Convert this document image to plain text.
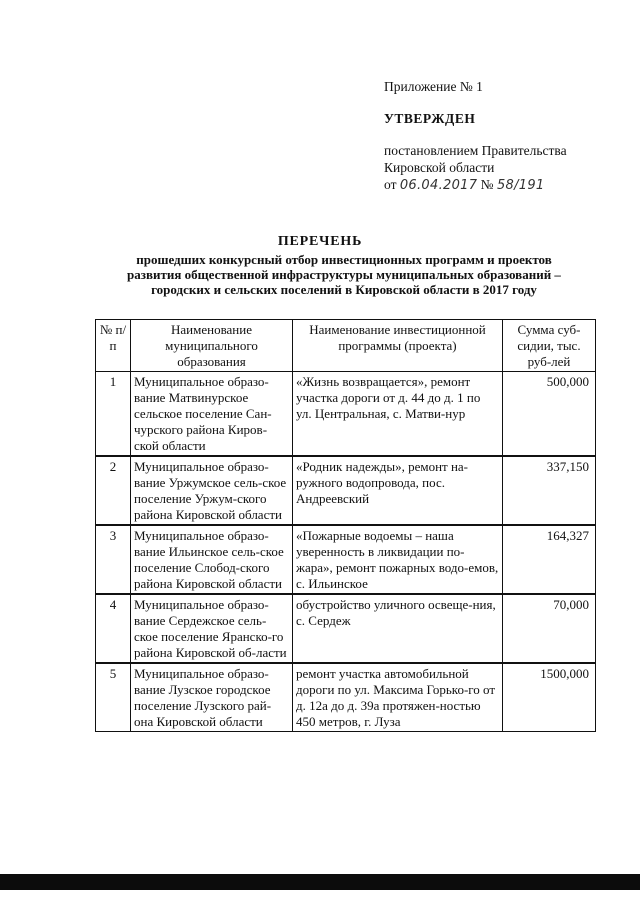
Приложение № 1

УТВЕРЖДЕН

постановлением Правительства

Кировской области

от 06.04.2017 № 58/191

ПЕРЕЧЕНЬ
прошедших конкурсный отбор инвестиционных программ и проектов
развития общественной инфраструктуры муниципальных образований –
городских и сельских поселений в Кировской области в 2017 году
№ п/п	Наименование муниципального образования	Наименование инвестиционной программы (проекта)	Сумма суб-сидии, тыс. руб-лей
1	Муниципальное образо-вание Матвинурское сельское поселение Сан-чурского района Киров-ской области	«Жизнь возвращается», ремонт участка дороги от д. 44 до д. 1 по ул. Центральная, с. Матви-нур	500,000
2	Муниципальное образо-вание Уржумское сель-ское поселение Уржум-ского района Кировской области	«Родник надежды», ремонт на-ружного водопровода, пос. Андреевский	337,150
3	Муниципальное образо-вание Ильинское сель-ское поселение Слобод-ского района Кировской области	«Пожарные водоемы – наша уверенность в ликвидации по-жара», ремонт пожарных водо-емов, с. Ильинское	164,327
4	Муниципальное образо-вание Сердежское сель-ское поселение Яранско-го района Кировской об-ласти	обустройство уличного освеще-ния, с. Сердеж	70,000
5	Муниципальное образо-вание Лузское городское поселение Лузского рай-она Кировской области	ремонт участка автомобильной дороги по ул. Максима Горько-го от д. 12а до д. 39а протяжен-ностью 450 метров, г. Луза	1500,000
